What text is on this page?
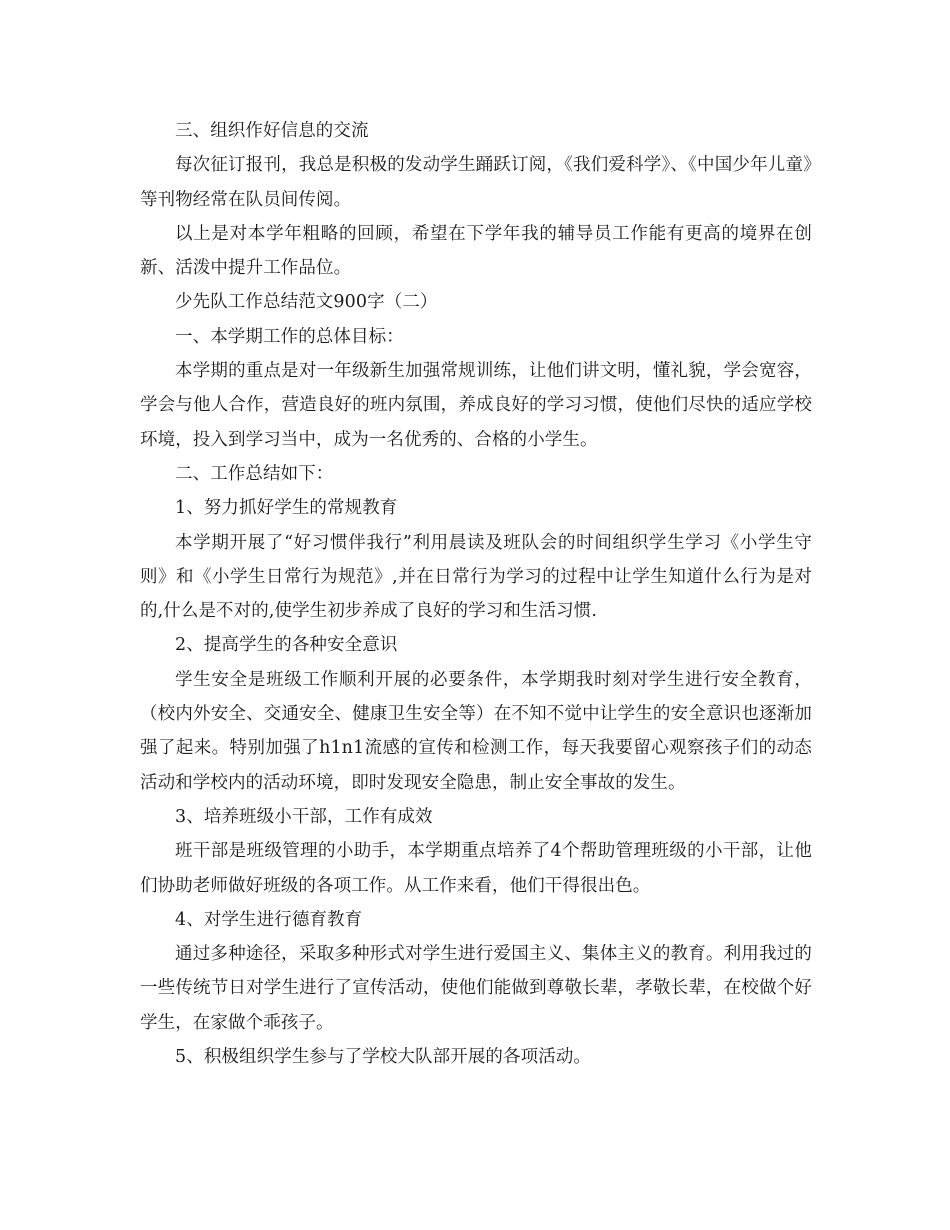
三、组织作好信息的交流

每次征订报刊，我总是积极的发动学生踊跃订阅，《我们爱科学》、《中国少年儿童》等刊物经常在队员间传阅。

以上是对本学年粗略的回顾，希望在下学年我的辅导员工作能有更高的境界在创新、活泼中提升工作品位。

少先队工作总结范文900字（二）

一、本学期工作的总体目标：

本学期的重点是对一年级新生加强常规训练，让他们讲文明，懂礼貌，学会宽容，学会与他人合作，营造良好的班内氛围，养成良好的学习习惯，使他们尽快的适应学校环境，投入到学习当中，成为一名优秀的、合格的小学生。

二、工作总结如下：

1、努力抓好学生的常规教育

本学期开展了“好习惯伴我行”利用晨读及班队会的时间组织学生学习《小学生守则》和《小学生日常行为规范》,并在日常行为学习的过程中让学生知道什么行为是对的,什么是不对的,使学生初步养成了良好的学习和生活习惯.

2、提高学生的各种安全意识

学生安全是班级工作顺利开展的必要条件，本学期我时刻对学生进行安全教育，（校内外安全、交通安全、健康卫生安全等）在不知不觉中让学生的安全意识也逐渐加强了起来。特别加强了h1n1流感的宣传和检测工作，每天我要留心观察孩子们的动态活动和学校内的活动环境，即时发现安全隐患，制止安全事故的发生。

3、培养班级小干部，工作有成效

班干部是班级管理的小助手，本学期重点培养了4个帮助管理班级的小干部，让他们协助老师做好班级的各项工作。从工作来看，他们干得很出色。

4、对学生进行德育教育

通过多种途径，采取多种形式对学生进行爱国主义、集体主义的教育。利用我过的一些传统节日对学生进行了宣传活动，使他们能做到尊敬长辈，孝敬长辈，在校做个好学生，在家做个乖孩子。

5、积极组织学生参与了学校大队部开展的各项活动。
